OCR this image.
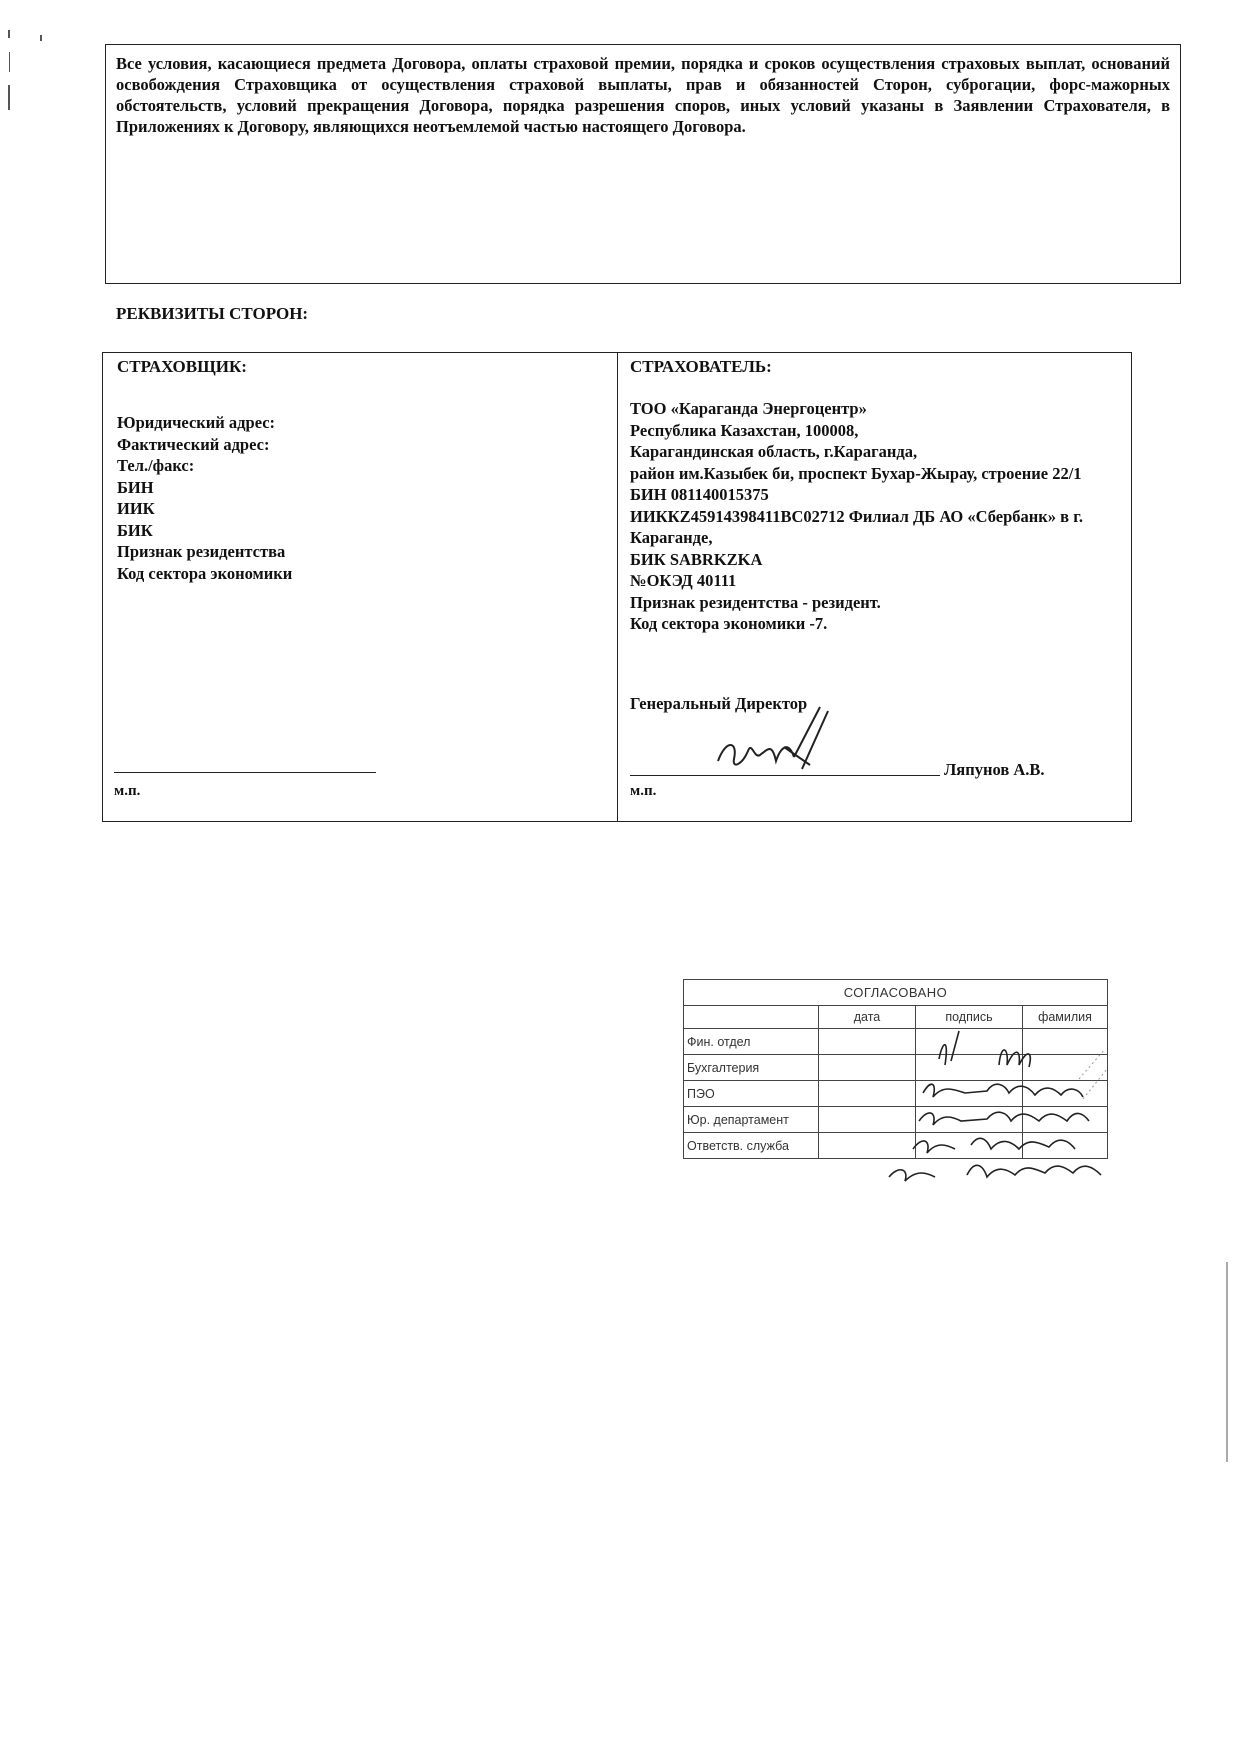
Все условия, касающиеся предмета Договора, оплаты страховой премии, порядка и сроков осуществления страховых выплат, оснований освобождения Страховщика от осуществления страховой выплаты, прав и обязанностей Сторон, суброгации, форс-мажорных обстоятельств, условий прекращения Договора, порядка разрешения споров, иных условий указаны в Заявлении Страхователя, в Приложениях к Договору, являющихся неотъемлемой частью настоящего Договора.

РЕКВИЗИТЫ СТОРОН:

СТРАХОВЩИК:

Юридический адрес:
Фактический адрес:
Тел./факс:
БИН
ИИК
БИК
Признак резидентства
Код сектора экономики
м.п.

СТРАХОВАТЕЛЬ:

ТОО «Караганда Энергоцентр»
Республика Казахстан, 100008,
Карагандинская область, г.Караганда,
район им.Казыбек би, проспект Бухар-Жырау, строение 22/1
БИН 081140015375
ИИККZ45914398411BC02712 Филиал ДБ АО «Сбербанк» в г. Караганде,
БИК SABRKZKA
№ОКЭД 40111
Признак резидентства - резидент.
Код сектора экономики -7.
Генеральный Директор
Ляпунов А.В.
м.п.
СОГЛАСОВАНО			
	дата	подпись	фамилия
Фин. отдел			
Бухгалтерия			
ПЭО			
Юр. департамент			
Ответств. служба			
